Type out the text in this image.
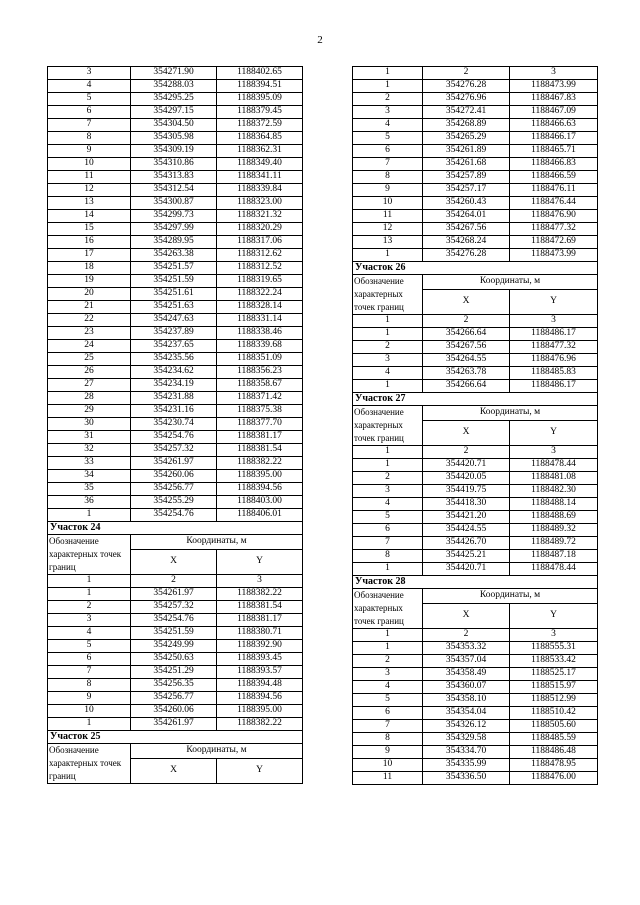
2
3	354271.90	1188402.65
4	354288.03	1188394.51
5	354295.25	1188395.09
6	354297.15	1188379.45
7	354304.50	1188372.59
8	354305.98	1188364.85
9	354309.19	1188362.31
10	354310.86	1188349.40
11	354313.83	1188341.11
12	354312.54	1188339.84
13	354300.87	1188323.00
14	354299.73	1188321.32
15	354297.99	1188320.29
16	354289.95	1188317.06
17	354263.38	1188312.62
18	354251.57	1188312.52
19	354251.59	1188319.65
20	354251.61	1188322.24
21	354251.63	1188328.14
22	354247.63	1188331.14
23	354237.89	1188338.46
24	354237.65	1188339.68
25	354235.56	1188351.09
26	354234.62	1188356.23
27	354234.19	1188358.67
28	354231.88	1188371.42
29	354231.16	1188375.38
30	354230.74	1188377.70
31	354254.76	1188381.17
32	354257.32	1188381.54
33	354261.97	1188382.22
34	354260.06	1188395.00
35	354256.77	1188394.56
36	354255.29	1188403.00
1	354254.76	1188406.01
Участок 24		
Обозначение характерных точек границ	Координаты, м	
	X	Y
1	2	3
1	354261.97	1188382.22
2	354257.32	1188381.54
3	354254.76	1188381.17
4	354251.59	1188380.71
5	354249.99	1188392.90
6	354250.63	1188393.45
7	354251.29	1188393.57
8	354256.35	1188394.48
9	354256.77	1188394.56
10	354260.06	1188395.00
1	354261.97	1188382.22
Участок 25		
Обозначение характерных точек границ	Координаты, м	
	X	Y
1	2	3
1	354276.28	1188473.99
2	354276.96	1188467.83
3	354272.41	1188467.09
4	354268.89	1188466.63
5	354265.29	1188466.17
6	354261.89	1188465.71
7	354261.68	1188466.83
8	354257.89	1188466.59
9	354257.17	1188476.11
10	354260.43	1188476.44
11	354264.01	1188476.90
12	354267.56	1188477.32
13	354268.24	1188472.69
1	354276.28	1188473.99
Участок 26		
Обозначение характерных точек границ	Координаты, м	
	X	Y
1	2	3
1	354266.64	1188486.17
2	354267.56	1188477.32
3	354264.55	1188476.96
4	354263.78	1188485.83
1	354266.64	1188486.17
Участок 27		
Обозначение характерных точек границ	Координаты, м	
	X	Y
1	2	3
1	354420.71	1188478.44
2	354420.05	1188481.08
3	354419.75	1188482.30
4	354418.30	1188488.14
5	354421.20	1188488.69
6	354424.55	1188489.32
7	354426.70	1188489.72
8	354425.21	1188487.18
1	354420.71	1188478.44
Участок 28		
Обозначение характерных точек границ	Координаты, м	
	X	Y
1	2	3
1	354353.32	1188555.31
2	354357.04	1188533.42
3	354358.49	1188525.17
4	354360.07	1188515.97
5	354358.10	1188512.99
6	354354.04	1188510.42
7	354326.12	1188505.60
8	354329.58	1188485.59
9	354334.70	1188486.48
10	354335.99	1188478.95
11	354336.50	1188476.00
